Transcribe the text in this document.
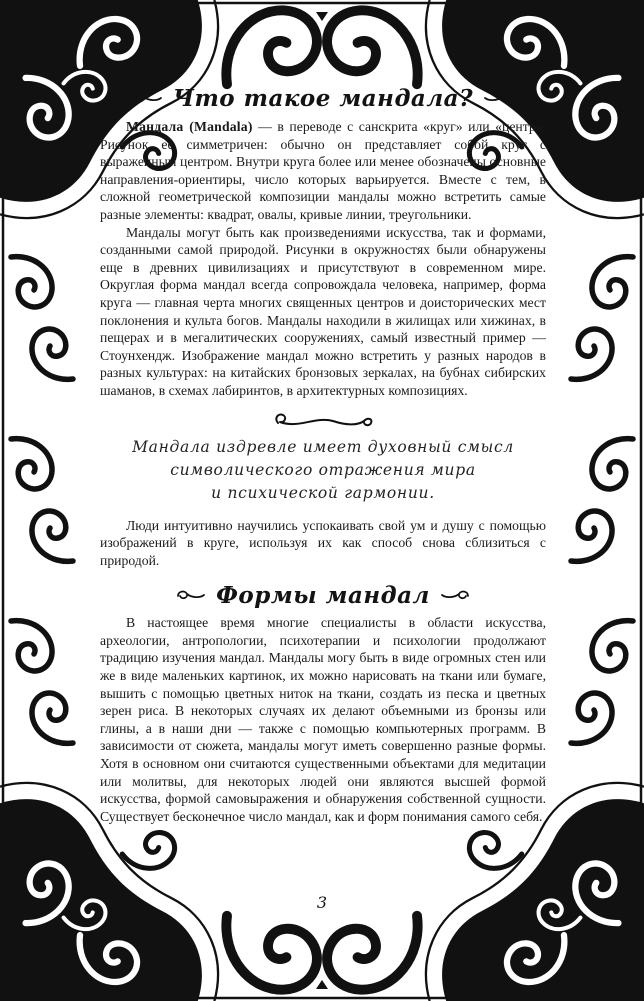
Что такое мандала?

Мандала (Mandala) — в переводе с санскрита «круг» или «центр». Рисунок ее симметричен: обычно он представляет собой круг с выраженным центром. Внутри круга более или менее обозначены основные направления-ориентиры, число которых варьируется. Вместе с тем, в сложной геометрической композиции мандалы можно встретить самые разные элементы: квадрат, овалы, кривые линии, треугольники.

Мандалы могут быть как произведениями искусства, так и формами, созданными самой природой. Рисунки в окружностях были обнаружены еще в древних цивилизациях и присутствуют в современном мире. Округлая форма мандал всегда сопровождала человека, например, форма круга — главная черта многих священных центров и доисторических мест поклонения и культа богов. Мандалы находили в жилищах или хижинах, в пещерах и в мегалитических сооружениях, самый известный пример — Стоунхендж. Изображение мандал можно встретить у разных народов в разных культурах: на китайских бронзовых зеркалах, на бубнах сибирских шаманов, в схемах лабиринтов, в архитектурных композициях.

Мандала издревле имеет духовный смысл
символического отражения мира
и психической гармонии.

Люди интуитивно научились успокаивать свой ум и душу с помощью изображений в круге, используя их как способ снова сблизиться с природой.

Формы мандал

В настоящее время многие специалисты в области искусства, археологии, антропологии, психотерапии и психологии продолжают традицию изучения мандал. Мандалы могу быть в виде огромных стен или же в виде маленьких картинок, их можно нарисовать на ткани или бумаге, вышить с помощью цветных ниток на ткани, создать из песка и цветных зерен риса. В некоторых случаях их делают объемными из бронзы или глины, а в наши дни — также с помощью компьютерных программ. В зависимости от сюжета, мандалы могут иметь совершенно разные формы. Хотя в основном они считаются существенными объектами для медитации или молитвы, для некоторых людей они являются высшей формой искусства, формой самовыражения и обнаружения собственной сущности. Существует бесконечное число мандал, как и форм понимания самого себя.

3
